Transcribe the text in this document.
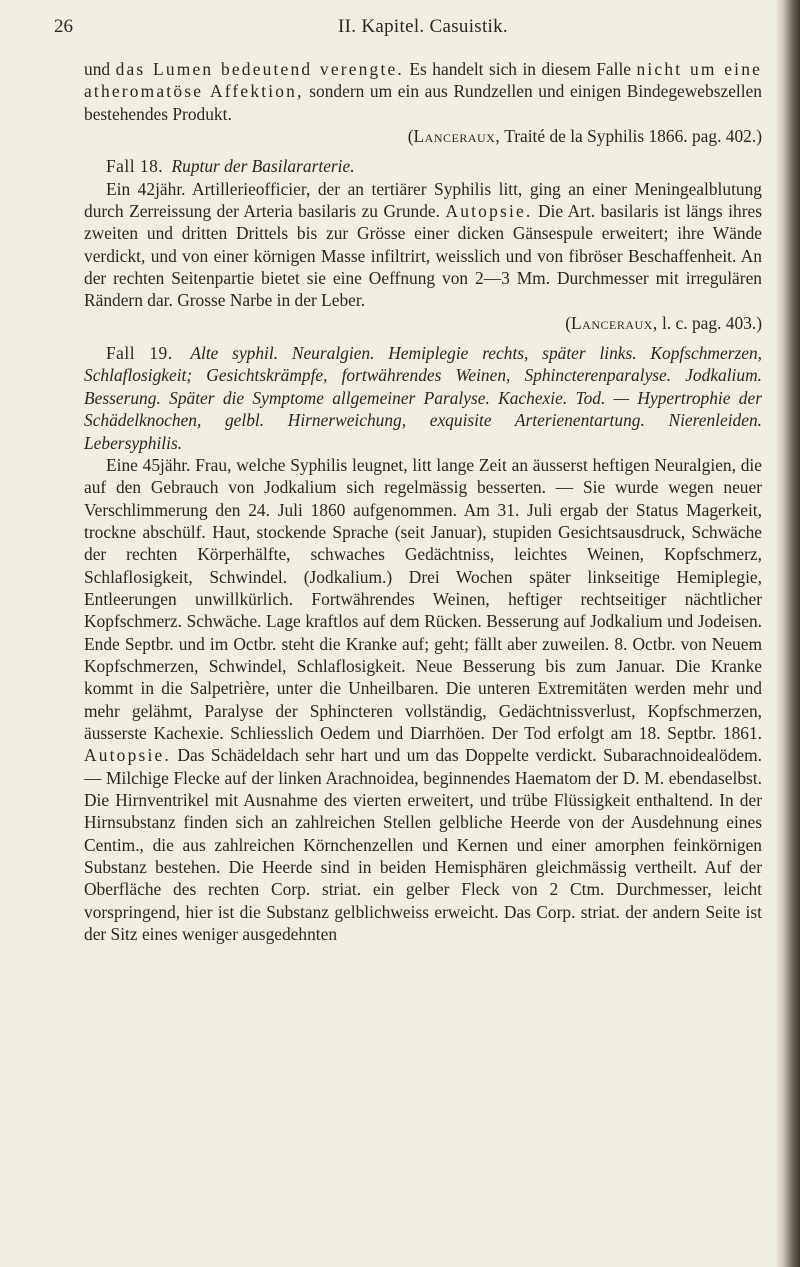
26	II. Kapitel. Casuistik.

und das Lumen bedeutend verengte. Es handelt sich in diesem Falle nicht um eine atheromatöse Affektion, sondern um ein aus Rundzellen und einigen Bindegewebszellen bestehendes Produkt.
(Lanceraux, Traité de la Syphilis 1866. pag. 402.)

Fall 18. Ruptur der Basilararterie.

Ein 42jähr. Artillerieofficier, der an tertiärer Syphilis litt, ging an einer Meningealblutung durch Zerreissung der Arteria basilaris zu Grunde. Autopsie. Die Art. basilaris ist längs ihres zweiten und dritten Drittels bis zur Grösse einer dicken Gänsespule erweitert; ihre Wände verdickt, und von einer körnigen Masse infiltrirt, weisslich und von fibröser Beschaffenheit. An der rechten Seitenpartie bietet sie eine Oeffnung von 2—3 Mm. Durchmesser mit irregulären Rändern dar. Grosse Narbe in der Leber.
(Lanceraux, l. c. pag. 403.)

Fall 19. Alte syphil. Neuralgien. Hemiplegie rechts, später links. Kopfschmerzen, Schlaflosigkeit; Gesichtskrämpfe, fortwährendes Weinen, Sphincterenparalyse. Jodkalium. Besserung. Später die Symptome allgemeiner Paralyse. Kachexie. Tod. — Hypertrophie der Schädelknochen, gelbl. Hirnerweichung, exquisite Arterienentartung. Nierenleiden. Lebersyphilis.

Eine 45jähr. Frau, welche Syphilis leugnet, litt lange Zeit an äusserst heftigen Neuralgien, die auf den Gebrauch von Jodkalium sich regelmässig besserten. — Sie wurde wegen neuer Verschlimmerung den 24. Juli 1860 aufgenommen. Am 31. Juli ergab der Status Magerkeit, trockne abschülf. Haut, stockende Sprache (seit Januar), stupiden Gesichtsausdruck, Schwäche der rechten Körperhälfte, schwaches Gedächtniss, leichtes Weinen, Kopfschmerz, Schlaflosigkeit, Schwindel. (Jodkalium.) Drei Wochen später linkseitige Hemiplegie, Entleerungen unwillkürlich. Fortwährendes Weinen, heftiger rechtseitiger nächtlicher Kopfschmerz. Schwäche. Lage kraftlos auf dem Rücken. Besserung auf Jodkalium und Jodeisen. Ende Septbr. und im Octbr. steht die Kranke auf; geht; fällt aber zuweilen. 8. Octbr. von Neuem Kopfschmerzen, Schwindel, Schlaflosigkeit. Neue Besserung bis zum Januar. Die Kranke kommt in die Salpetrière, unter die Unheilbaren. Die unteren Extremitäten werden mehr und mehr gelähmt, Paralyse der Sphincteren vollständig, Gedächtnissverlust, Kopfschmerzen, äusserste Kachexie. Schliesslich Oedem und Diarrhöen. Der Tod erfolgt am 18. Septbr. 1861. Autopsie. Das Schädeldach sehr hart und um das Doppelte verdickt. Subarachnoidealödem. — Milchige Flecke auf der linken Arachnoidea, beginnendes Haematom der D. M. ebendaselbst. Die Hirnventrikel mit Ausnahme des vierten erweitert, und trübe Flüssigkeit enthaltend. In der Hirnsubstanz finden sich an zahlreichen Stellen gelbliche Heerde von der Ausdehnung eines Centim., die aus zahlreichen Körnchenzellen und Kernen und einer amorphen feinkörnigen Substanz bestehen. Die Heerde sind in beiden Hemisphären gleichmässig vertheilt. Auf der Oberfläche des rechten Corp. striat. ein gelber Fleck von 2 Ctm. Durchmesser, leicht vorspringend, hier ist die Substanz gelblichweiss erweicht. Das Corp. striat. der andern Seite ist der Sitz eines weniger ausgedehnten
